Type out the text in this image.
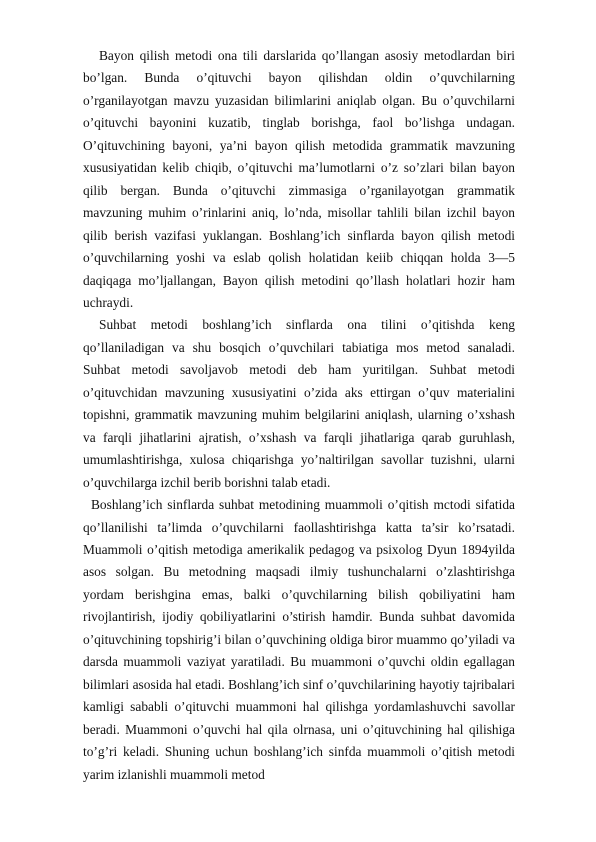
Bayon qilish metodi ona tili darslarida qo’llangan asosiy metodlardan biri bo’lgan. Bunda o’qituvchi bayon qilishdan oldin o’quvchilarning o’rganilayotgan mavzu yuzasidan bilimlarini aniqlab olgan. Bu o’quvchilarni o’qituvchi bayonini kuzatib, tinglab borishga, faol bo’lishga undagan. O’qituvchining bayoni, ya’ni bayon qilish metodida grammatik mavzuning xususiyatidan kelib chiqib, o’qituvchi ma’lumotlarni o’z so’zlari bilan bayon qilib bergan. Bunda o’qituvchi zimmasiga o’rganilayotgan grammatik mavzuning muhim o’rinlarini aniq, lo’nda, misollar tahlili bilan izchil bayon qilib berish vazifasi yuklangan. Boshlang’ich sinflarda bayon qilish metodi o’quvchilarning yoshi va eslab qolish holatidan keiib chiqqan holda 3—5 daqiqaga mo’ljallangan, Bayon qilish metodini qo’llash holatlari hozir ham uchraydi.

Suhbat metodi boshlang’ich sinflarda ona tilini o’qitishda keng qo’llaniladigan va shu bosqich o’quvchilari tabiatiga mos metod sanaladi. Suhbat metodi savoljavob metodi deb ham yuritilgan. Suhbat metodi o’qituvchidan mavzuning xususiyatini o’zida aks ettirgan o’quv materialini topishni, grammatik mavzuning muhim belgilarini aniqlash, ularning o’xshash va farqli jihatlarini ajratish, o’xshash va farqli jihatlariga qarab guruhlash, umumlashtirishga, xulosa chiqarishga yo’naltirilgan savollar tuzishni, ularni o’quvchilarga izchil berib borishni talab etadi.

Boshlang’ich sinflarda suhbat metodining muammoli o’qitish mctodi sifatida qo’llanilishi ta’limda o’quvchilarni faollashtirishga katta ta’sir ko’rsatadi. Muammoli o’qitish metodiga amerikalik pedagog va psixolog Dyun 1894yilda asos solgan. Bu metodning maqsadi ilmiy tushunchalarni o’zlashtirishga yordam berishgina emas, balki o’quvchilarning bilish qobiliyatini ham rivojlantirish, ijodiy qobiliyatlarini o’stirish hamdir. Bunda suhbat davomida o’qituvchining topshirig’i bilan o’quvchining oldiga biror muammo qo’yiladi va darsda muammoli vaziyat yaratiladi. Bu muammoni o’quvchi oldin egallagan bilimlari asosida hal etadi. Boshlang’ich sinf o’quvchilarining hayotiy tajribalari kamligi sababli o’qituvchi muammoni hal qilishga yordamlashuvchi savollar beradi. Muammoni o’quvchi hal qila olrnasa, uni o’qituvchining hal qilishiga to’g’ri keladi. Shuning uchun boshlang’ich sinfda muammoli o’qitish metodi yarim izlanishli muammoli metod
